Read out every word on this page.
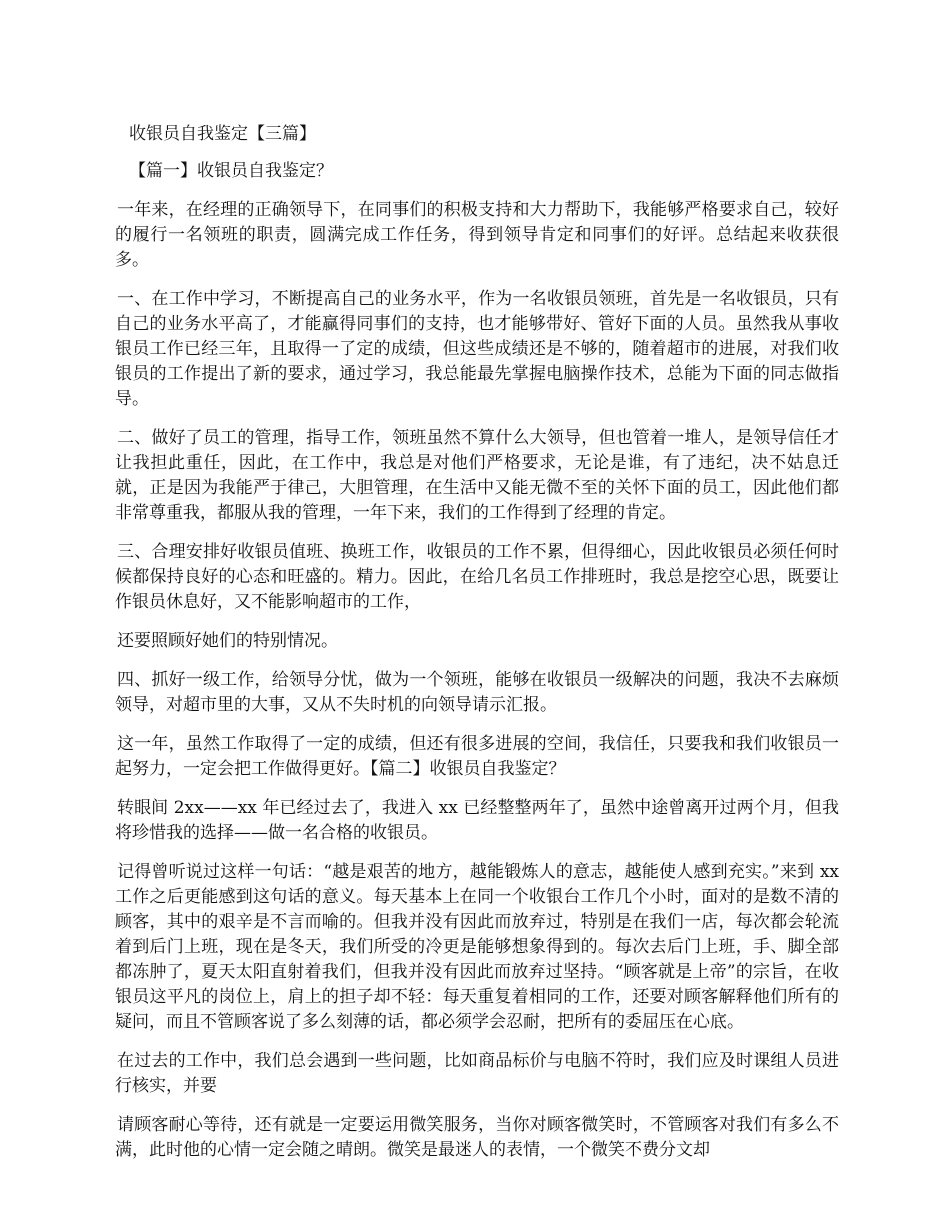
收银员自我鉴定【三篇】

【篇一】收银员自我鉴定？

一年来，在经理的正确领导下，在同事们的积极支持和大力帮助下，我能够严格要求自己，较好的履行一名领班的职责，圆满完成工作任务，得到领导肯定和同事们的好评。总结起来收获很多。

一、在工作中学习，不断提高自己的业务水平，作为一名收银员领班，首先是一名收银员，只有自己的业务水平高了，才能赢得同事们的支持，也才能够带好、管好下面的人员。虽然我从事收银员工作已经三年，且取得一了定的成绩，但这些成绩还是不够的，随着超市的进展，对我们收银员的工作提出了新的要求，通过学习，我总能最先掌握电脑操作技术，总能为下面的同志做指导。

二、做好了员工的管理，指导工作，领班虽然不算什么大领导，但也管着一堆人，是领导信任才让我担此重任，因此，在工作中，我总是对他们严格要求，无论是谁，有了违纪，决不姑息迁就，正是因为我能严于律己，大胆管理，在生活中又能无微不至的关怀下面的员工，因此他们都非常尊重我，都服从我的管理，一年下来，我们的工作得到了经理的肯定。

三、合理安排好收银员值班、换班工作，收银员的工作不累，但得细心，因此收银员必须任何时候都保持良好的心态和旺盛的。精力。因此，在给几名员工作排班时，我总是挖空心思，既要让作银员休息好，又不能影响超市的工作，

还要照顾好她们的特别情况。

四、抓好一级工作，给领导分忧，做为一个领班，能够在收银员一级解决的问题，我决不去麻烦领导，对超市里的大事，又从不失时机的向领导请示汇报。

这一年，虽然工作取得了一定的成绩，但还有很多进展的空间，我信任，只要我和我们收银员一起努力，一定会把工作做得更好。【篇二】收银员自我鉴定？

转眼间 2xx——xx 年已经过去了，我进入 xx 已经整整两年了，虽然中途曾离开过两个月，但我将珍惜我的选择——做一名合格的收银员。

记得曾听说过这样一句话：“越是艰苦的地方，越能锻炼人的意志，越能使人感到充实。”来到 xx 工作之后更能感到这句话的意义。每天基本上在同一个收银台工作几个小时，面对的是数不清的顾客，其中的艰辛是不言而喻的。但我并没有因此而放弃过，特别是在我们一店，每次都会轮流着到后门上班，现在是冬天，我们所受的冷更是能够想象得到的。每次去后门上班，手、脚全部都冻肿了，夏天太阳直射着我们，但我并没有因此而放弃过坚持。“顾客就是上帝”的宗旨，在收银员这平凡的岗位上，肩上的担子却不轻：每天重复着相同的工作，还要对顾客解释他们所有的疑问，而且不管顾客说了多么刻薄的话，都必须学会忍耐，把所有的委屈压在心底。

在过去的工作中，我们总会遇到一些问题，比如商品标价与电脑不符时，我们应及时课组人员进行核实，并要

请顾客耐心等待，还有就是一定要运用微笑服务，当你对顾客微笑时，不管顾客对我们有多么不满，此时他的心情一定会随之晴朗。微笑是最迷人的表情，一个微笑不费分文却
